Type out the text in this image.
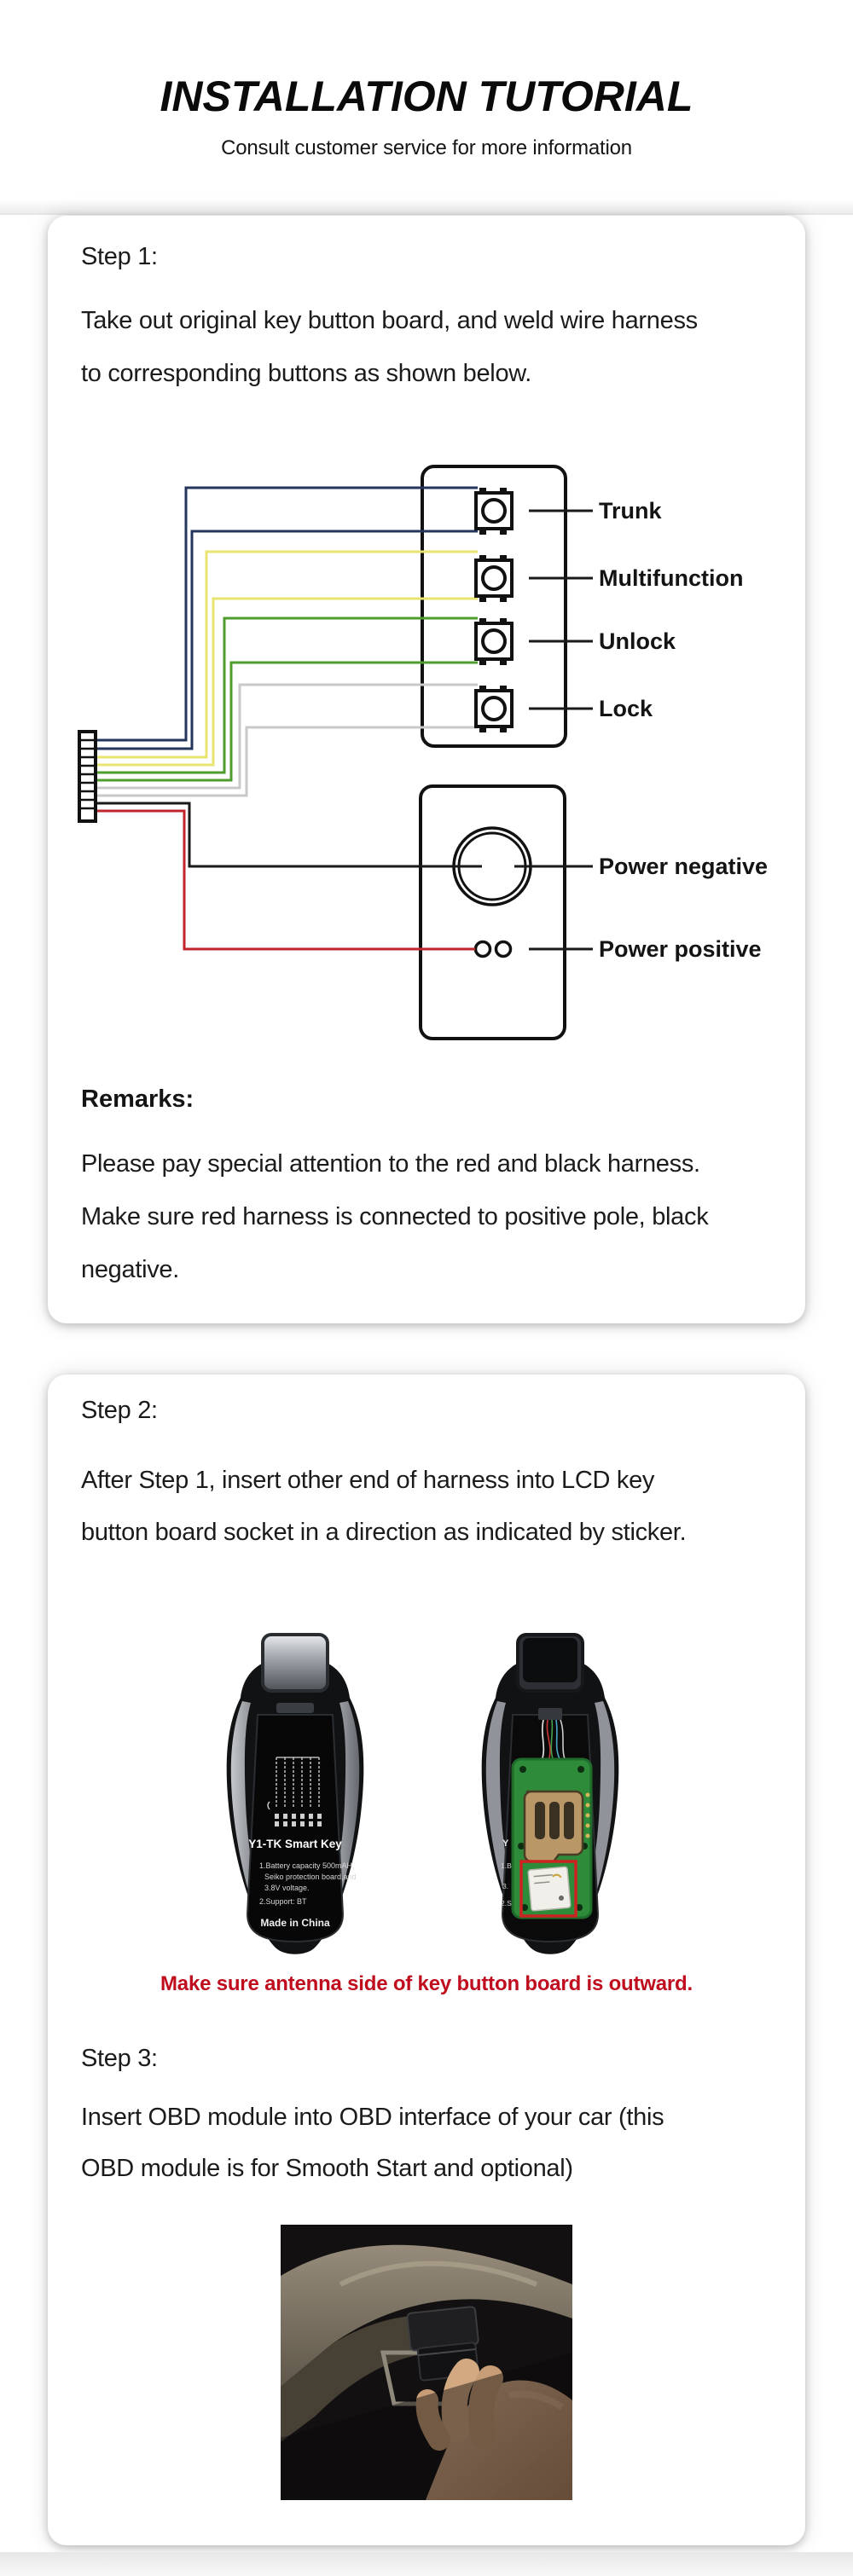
INSTALLATION TUTORIAL
Consult customer service for more information
Step 1:
Take out original key button board, and weld wire harness
to corresponding buttons as shown below.
Trunk
Multifunction
Unlock
Lock
Power negative
Power positive
Remarks:
Please pay special attention to the red and black harness.
Make sure red harness is connected to positive pole, black
negative.
Step 2:
After Step 1, insert other end of harness into LCD key
button board socket in a direction as indicated by sticker.
Y1-TK Smart Key
1.Battery capacity 500mAH,
Seiko protection board,and
3.8V voltage.
2.Support: BT
Made in China
Y
1.B
3.
2.S
Make sure antenna side of key button board is outward.
Step 3:
Insert OBD module into OBD interface of your car (this
OBD module is for Smooth Start and optional)
